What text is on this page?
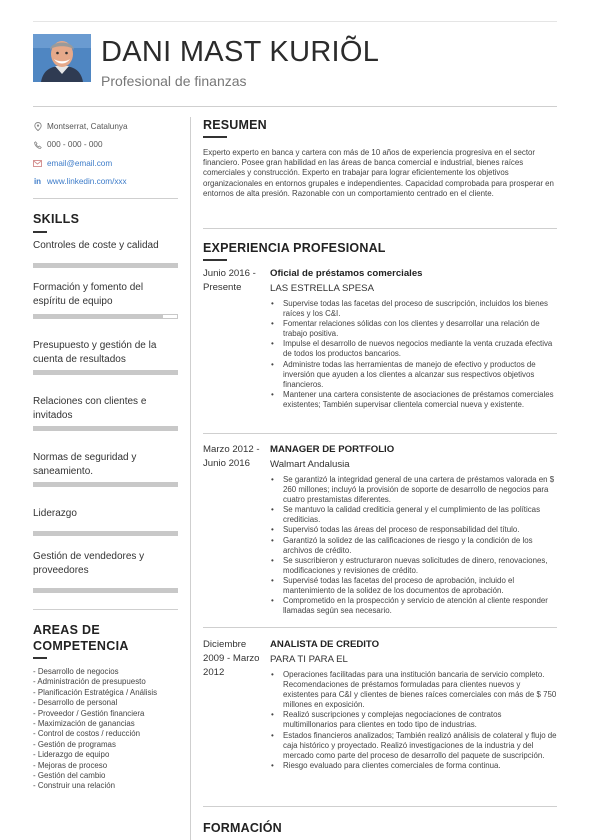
DANI MAST KURIÕL
Profesional de finanzas
Montserrat, Catalunya
000 - 000 - 000
email@email.com
in www.linkedin.com/xxx
SKILLS
Controles de coste y calidad
Formación y fomento del espíritu de equipo
Presupuesto y gestión de la cuenta de resultados
Relaciones con clientes e invitados
Normas de seguridad y saneamiento.
Liderazgo
Gestión de vendedores y proveedores
AREAS DE COMPETENCIA
- Desarrollo de negocios
- Administración de presupuesto
- Planificación Estratégica / Análisis
- Desarrollo de personal
- Proveedor / Gestión financiera
- Maximización de ganancias
- Control de costos / reducción
- Gestión de programas
- Liderazgo de equipo
- Mejoras de proceso
- Gestión del cambio
- Construir una relación
RESUMEN
Experto experto en banca y cartera con más de 10 años de experiencia progresiva en el sector financiero. Posee gran habilidad en las áreas de banca comercial e industrial, bienes raíces comerciales y construcción. Experto en trabajar para lograr eficientemente los objetivos organizacionales en entornos grupales e independientes. Capacidad comprobada para prosperar en entornos de alta presión. Razonable con un comportamiento centrado en el cliente.
EXPERIENCIA PROFESIONAL
Junio 2016 - Presente
Oficial de préstamos comerciales
LAS ESTRELLA SPESA
• Supervise todas las facetas del proceso de suscripción, incluidos los bienes raíces y los C&I.
• Fomentar relaciones sólidas con los clientes y desarrollar una relación de trabajo positiva.
• Impulse el desarrollo de nuevos negocios mediante la venta cruzada efectiva de todos los productos bancarios.
• Administre todas las herramientas de manejo de efectivo y productos de inversión que ayuden a los clientes a alcanzar sus respectivos objetivos financieros.
• Mantener una cartera consistente de asociaciones de préstamos comerciales existentes; También supervisar clientela comercial nueva y existente.
Marzo 2012 - Junio 2016
MANAGER DE PORTFOLIO
Walmart Andalusia
• Se garantizó la integridad general de una cartera de préstamos valorada en $ 260 millones; incluyó la provisión de soporte de desarrollo de negocios para cuatro prestamistas diferentes.
• Se mantuvo la calidad crediticia general y el cumplimiento de las políticas crediticias.
• Supervisó todas las áreas del proceso de responsabilidad del título.
• Garantizó la solidez de las calificaciones de riesgo y la condición de los archivos de crédito.
• Se suscribieron y estructuraron nuevas solicitudes de dinero, renovaciones, modificaciones y revisiones de crédito.
• Supervisé todas las facetas del proceso de aprobación, incluido el mantenimiento de la solidez de los documentos de aprobación.
• Comprometido en la prospección y servicio de atención al cliente responder llamadas según sea necesario.
Diciembre 2009 - Marzo 2012
ANALISTA DE CREDITO
PARA TI PARA EL
• Operaciones facilitadas para una institución bancaria de servicio completo. Recomendaciones de préstamos formuladas para clientes nuevos y existentes para C&I y clientes de bienes raíces comerciales con más de $ 750 millones en exposición.
• Realizó suscripciones y complejas negociaciones de contratos multimillonarios para clientes en todo tipo de industrias.
• Estados financieros analizados; También realizó análisis de colateral y flujo de caja histórico y proyectado. Realizó investigaciones de la industria y del mercado como parte del proceso de desarrollo del paquete de suscripción.
• Riesgo evaluado para clientes comerciales de forma continua.
FORMACIÓN
